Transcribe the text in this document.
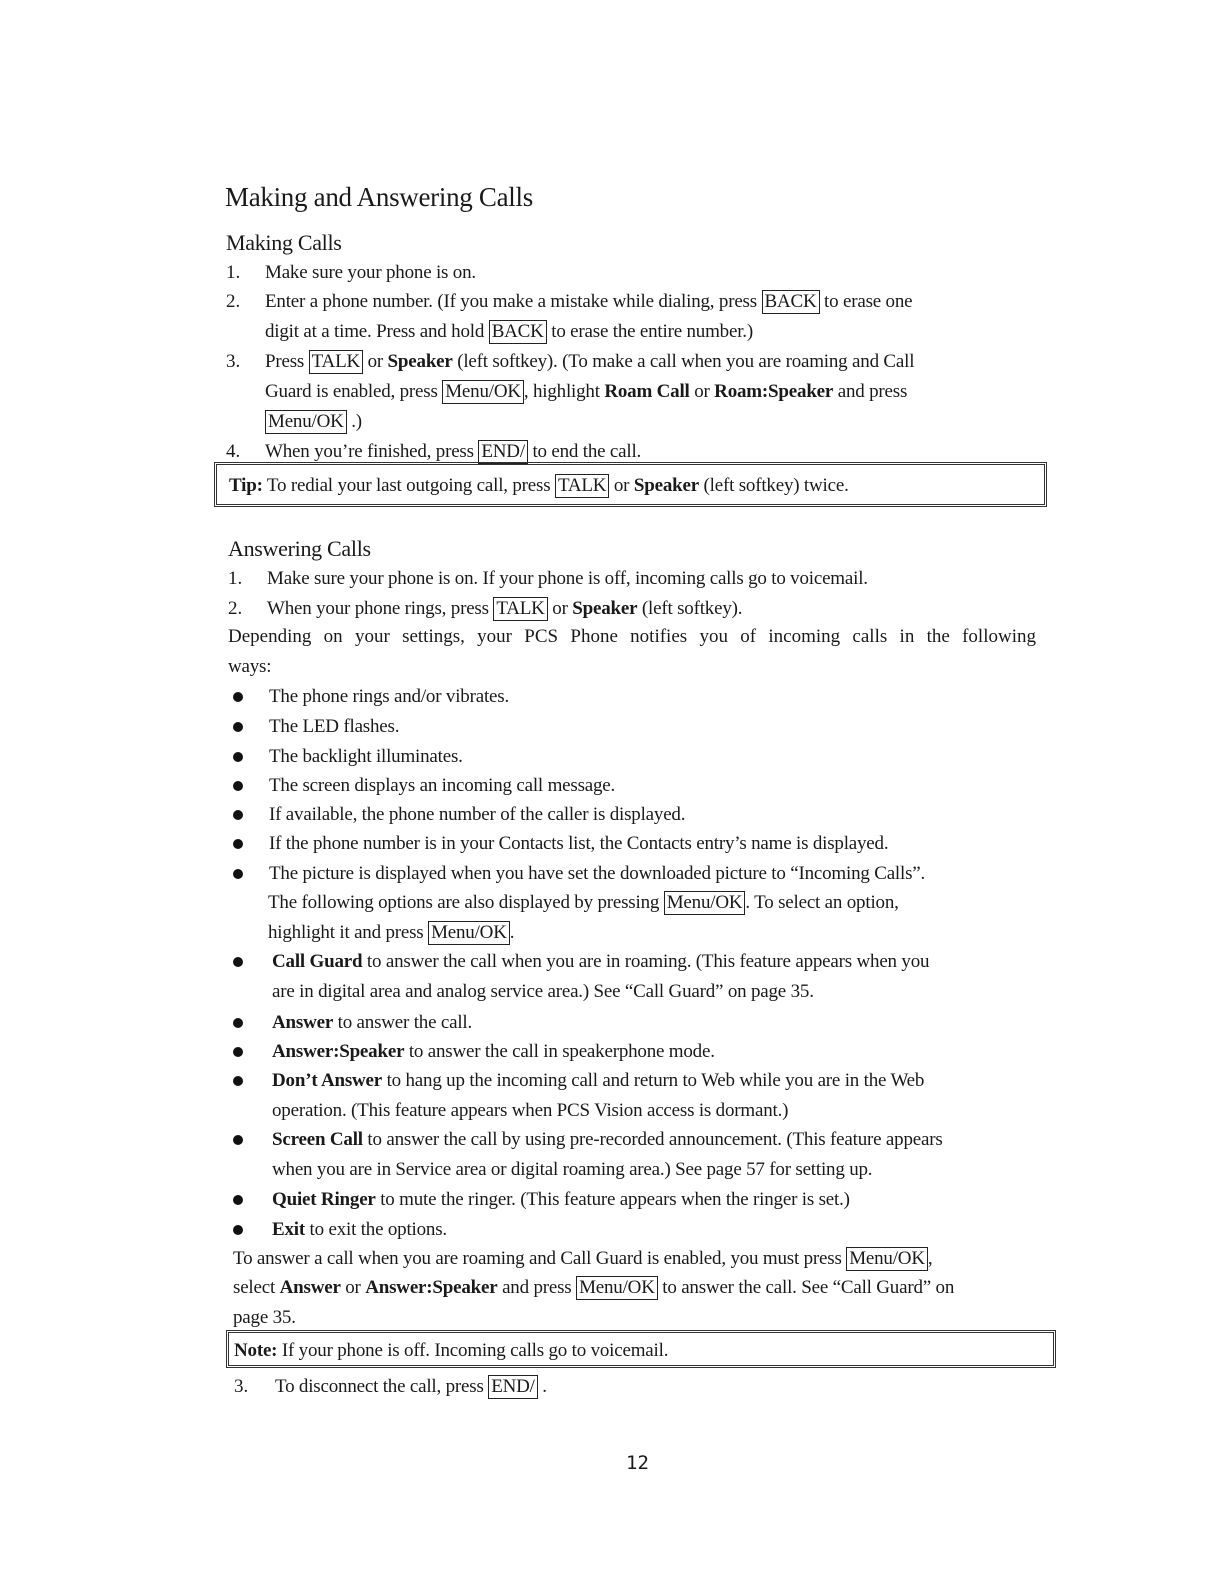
Making and Answering Calls
Making Calls
1. Make sure your phone is on.
2. Enter a phone number. (If you make a mistake while dialing, press BACK to erase one
digit at a time. Press and hold BACK to erase the entire number.)
3. Press TALK or Speaker (left softkey). (To make a call when you are roaming and Call
Guard is enabled, press Menu/OK , highlight Roam Call or Roam:Speaker and press
Menu/OK .)
4. When you’re finished, press END/ to end the call.
Tip: To redial your last outgoing call, press TALK or Speaker (left softkey) twice.
Answering Calls
1. Make sure your phone is on. If your phone is off, incoming calls go to voicemail.
2. When your phone rings, press TALK or Speaker (left softkey).
Depending on your settings, your PCS Phone notifies you of incoming calls in the following
ways:
The phone rings and/or vibrates.
The LED flashes.
The backlight illuminates.
The screen displays an incoming call message.
If available, the phone number of the caller is displayed.
If the phone number is in your Contacts list, the Contacts entry’s name is displayed.
The picture is displayed when you have set the downloaded picture to “Incoming Calls”.
The following options are also displayed by pressing Menu/OK . To select an option,
highlight it and press Menu/OK .
Call Guard to answer the call when you are in roaming. (This feature appears when you
are in digital area and analog service area.) See “Call Guard” on page 35.
Answer to answer the call.
Answer:Speaker to answer the call in speakerphone mode.
Don’t Answer to hang up the incoming call and return to Web while you are in the Web
operation. (This feature appears when PCS Vision access is dormant.)
Screen Call to answer the call by using pre-recorded announcement. (This feature appears
when you are in Service area or digital roaming area.) See page 57 for setting up.
Quiet Ringer to mute the ringer. (This feature appears when the ringer is set.)
Exit to exit the options.
To answer a call when you are roaming and Call Guard is enabled, you must press Menu/OK ,
select Answer or Answer:Speaker and press Menu/OK to answer the call. See “Call Guard” on
page 35.
Note: If your phone is off. Incoming calls go to voicemail.
3. To disconnect the call, press END/ .
12
